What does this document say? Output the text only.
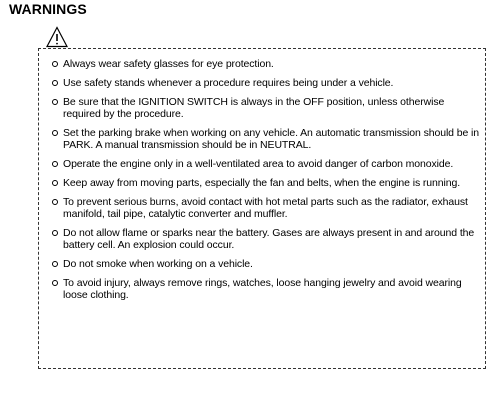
WARNINGS
Always wear safety glasses for eye protection.
Use safety stands whenever a procedure requires being under a vehicle.
Be sure that the IGNITION SWITCH is always in the OFF position, unless otherwise required by the procedure.
Set the parking brake when working on any vehicle. An automatic transmission should be in PARK. A manual transmission should be in NEUTRAL.
Operate the engine only in a well-ventilated area to avoid danger of carbon monoxide.
Keep away from moving parts, especially the fan and belts, when the engine is running.
To prevent serious burns, avoid contact with hot metal parts such as the radiator, exhaust manifold, tail pipe, catalytic converter and muffler.
Do not allow flame or sparks near the battery. Gases are always present in and around the battery cell. An explosion could occur.
Do not smoke when working on a vehicle.
To avoid injury, always remove rings, watches, loose hanging jewelry and avoid wearing loose clothing.
